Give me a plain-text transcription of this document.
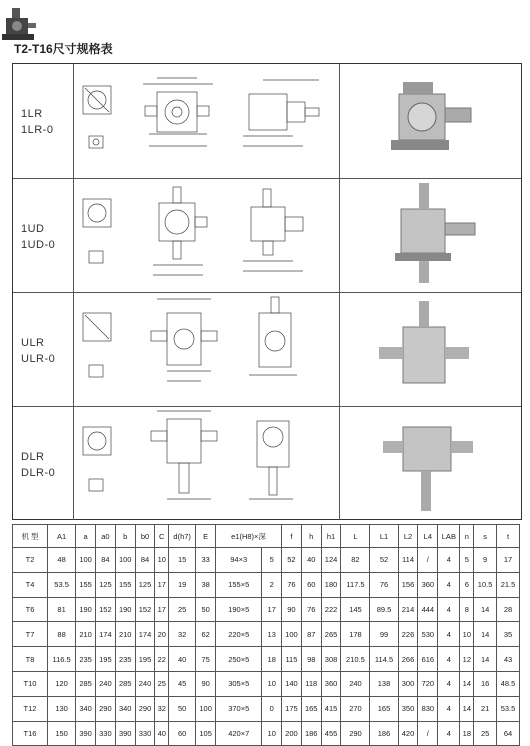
T2-T16尺寸规格表
1LR
1LR-0
1UD
1UD-0
ULR
ULR-0
DLR
DLR-0
机 型	A1	a	a0	b	b0	C	d(h7)	E	e1(H8)×深		f	h	h1	L	L1	L2	L4	LAB	n	s	t
T2	48	100	84	100	84	10	15	33	94×3	5	52	40	124	82	52	114	/	4	5	9	17
T4	53.5	155	125	155	125	17	19	38	155×5	2	76	60	180	117.5	76	156	360	4	6	10.5	21.5
T6	81	190	152	190	152	17	25	50	190×5	17	90	76	222	145	89.5	214	444	4	8	14	28
T7	88	210	174	210	174	20	32	62	220×5	13	100	87	265	178	99	226	530	4	10	14	35
T8	116.5	235	195	235	195	22	40	75	250×5	18	115	98	308	210.5	114.5	266	616	4	12	14	43
T10	120	285	240	285	240	25	45	90	305×5	10	140	118	360	240	138	300	720	4	14	16	48.5
T12	130	340	290	340	290	32	50	100	370×5	0	175	165	415	270	165	350	830	4	14	21	53.5
T16	150	390	330	390	330	40	60	105	420×7	10	200	186	455	290	186	420	/	4	18	25	64
